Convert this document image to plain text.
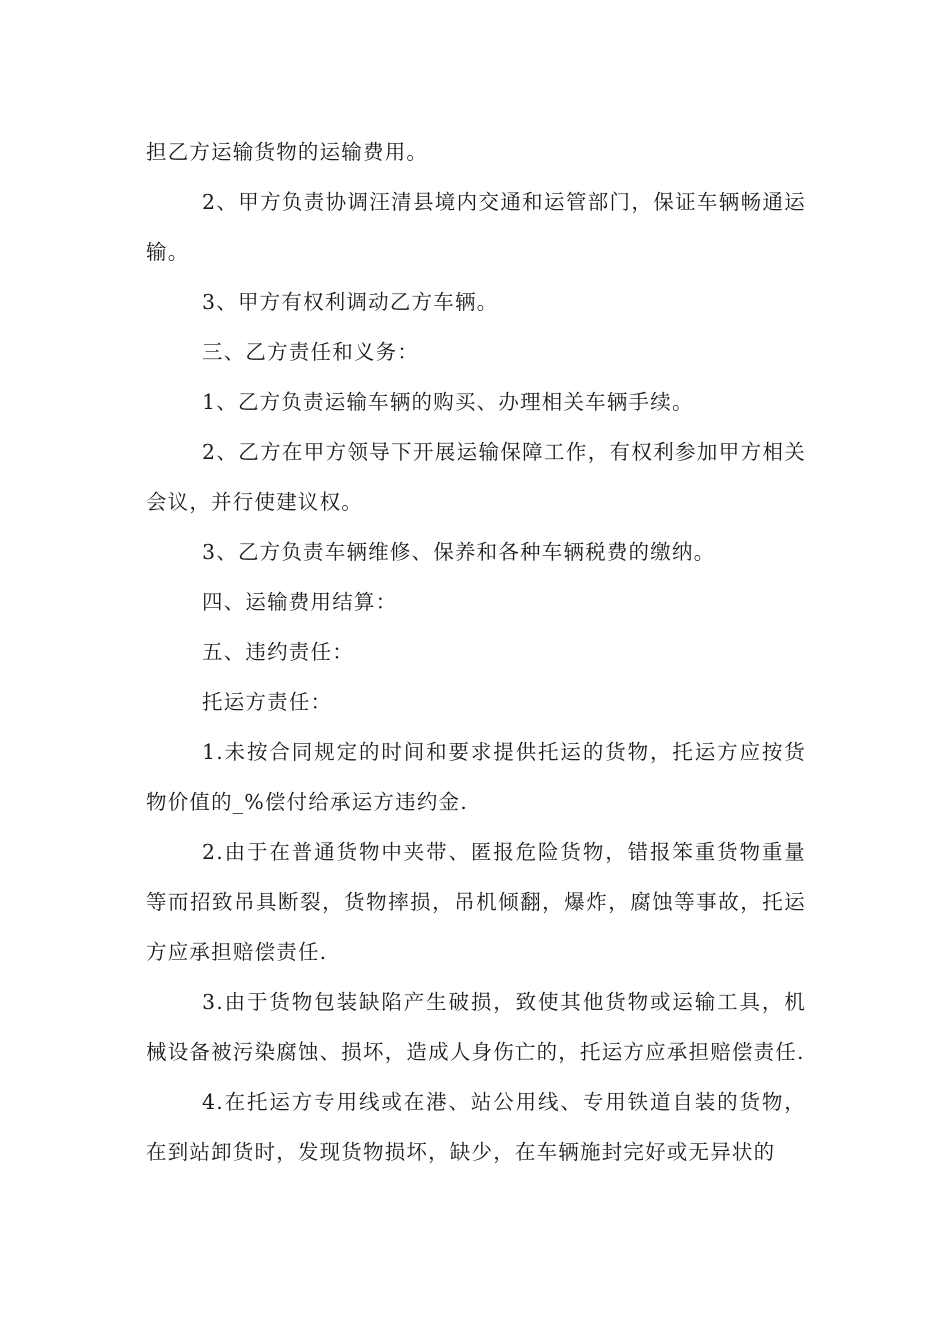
担乙方运输货物的运输费用。

2、甲方负责协调汪清县境内交通和运管部门，保证车辆畅通运输。

3、甲方有权利调动乙方车辆。

三、乙方责任和义务：

1、乙方负责运输车辆的购买、办理相关车辆手续。

2、乙方在甲方领导下开展运输保障工作，有权利参加甲方相关会议，并行使建议权。

3、乙方负责车辆维修、保养和各种车辆税费的缴纳。

四、运输费用结算：

五、违约责任：

托运方责任：

1.未按合同规定的时间和要求提供托运的货物，托运方应按货物价值的_%偿付给承运方违约金.

2.由于在普通货物中夹带、匿报危险货物，错报笨重货物重量等而招致吊具断裂，货物摔损，吊机倾翻，爆炸，腐蚀等事故，托运方应承担赔偿责任.

3.由于货物包装缺陷产生破损，致使其他货物或运输工具，机械设备被污染腐蚀、损坏，造成人身伤亡的，托运方应承担赔偿责任.

4.在托运方专用线或在港、站公用线、专用铁道自装的货物，在到站卸货时，发现货物损坏，缺少，在车辆施封完好或无异状的
